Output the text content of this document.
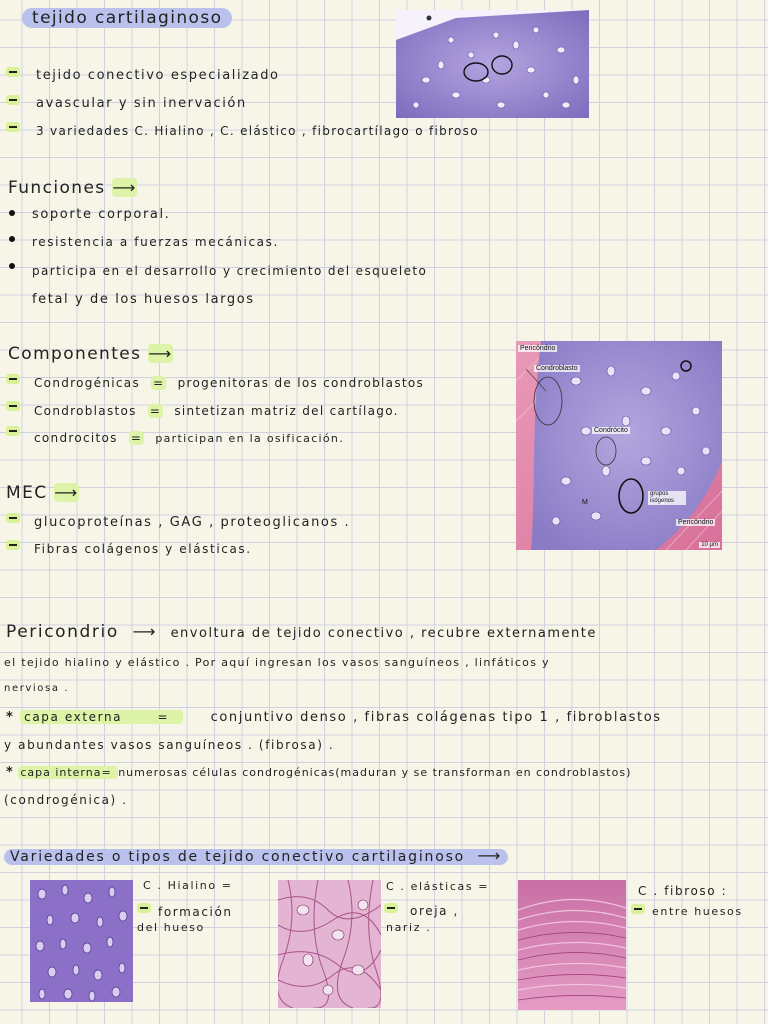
tejido cartilaginoso
tejido conectivo especializado
avascular y sin inervación
3 variedades C. Hialino , C. elástico , fibrocartílago o fibroso
Funciones ⟶
soporte corporal.
resistencia a fuerzas mecánicas.
participa en el desarrollo y crecimiento del esqueleto
fetal y de los huesos largos
Componentes ⟶
Condrogénicas = progenitoras de los condroblastos
Condroblastos = sintetizan matriz del cartílago.
condrocitos = participan en la osificación.
Pericôndrio
Condroblasto
Condrócito
grupos isógenos
M
Pericôndrio
10 µm
MEC ⟶
glucoproteínas , GAG , proteoglicanos .
Fibras colágenos y elásticas.
Pericondrio ⟶ envoltura de tejido conectivo , recubre externamente
el tejido hialino y elástico . Por aquí ingresan los vasos sanguíneos , linfáticos y
nerviosa .
* capa externa	=	conjuntivo denso , fibras colágenas tipo 1 , fibroblastos
y abundantes vasos sanguíneos . (fibrosa) .
* capa interna= numerosas células condrogénicas(maduran y se transforman en condroblastos)
(condrogénica) .
Variedades o tipos de tejido conectivo cartilaginoso ⟶
C . Hialino =
formación
del hueso
C . elásticas =
oreja ,
nariz .
C . fibroso :
entre huesos
